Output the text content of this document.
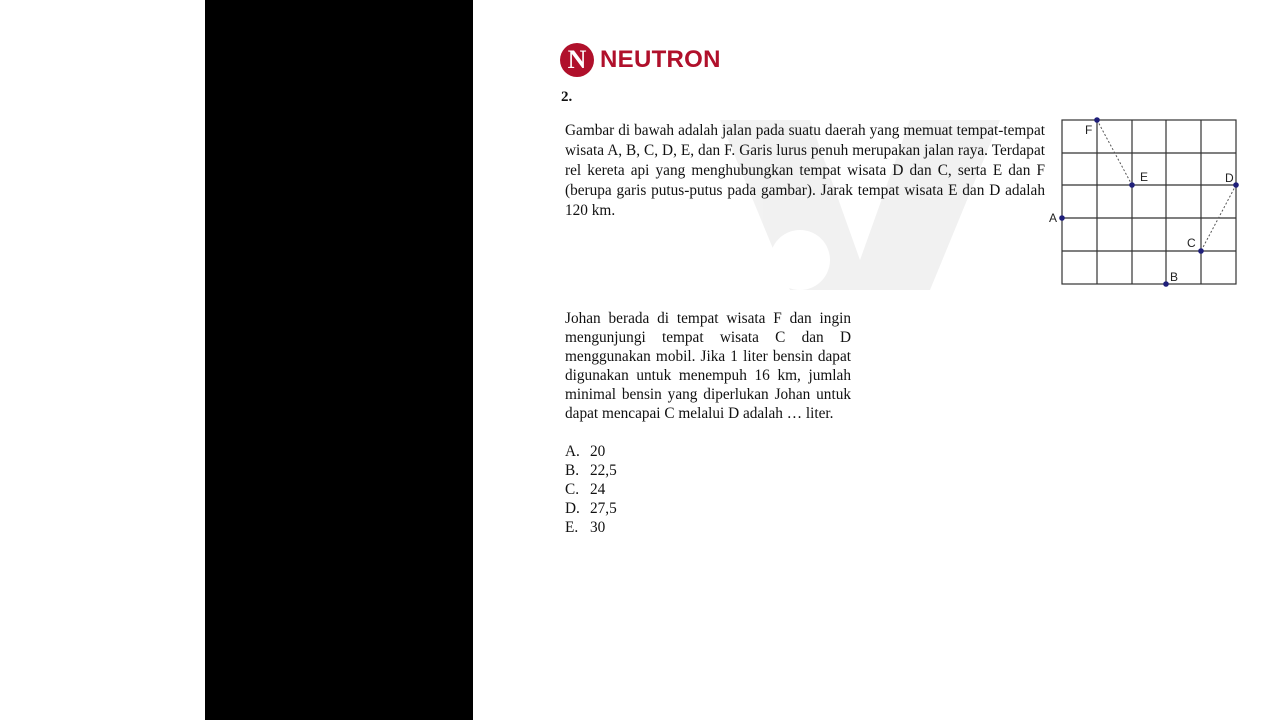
N NEUTRON
2.

Gambar di bawah adalah jalan pada suatu daerah yang memuat tempat-tempat wisata A, B, C, D, E, dan F. Garis lurus penuh merupakan jalan raya. Terdapat rel kereta api yang menghubungkan tempat wisata D dan C, serta E dan F (berupa garis putus-putus pada gambar). Jarak tempat wisata E dan D adalah 120 km.

F
E	D
A
C
B

Johan berada di tempat wisata F dan ingin mengunjungi tempat wisata C dan D menggunakan mobil. Jika 1 liter bensin dapat digunakan untuk menempuh 16 km, jumlah minimal bensin yang diperlukan Johan untuk dapat mencapai C melalui D adalah … liter.

A. 20
B. 22,5
C. 24
D. 27,5
E. 30
